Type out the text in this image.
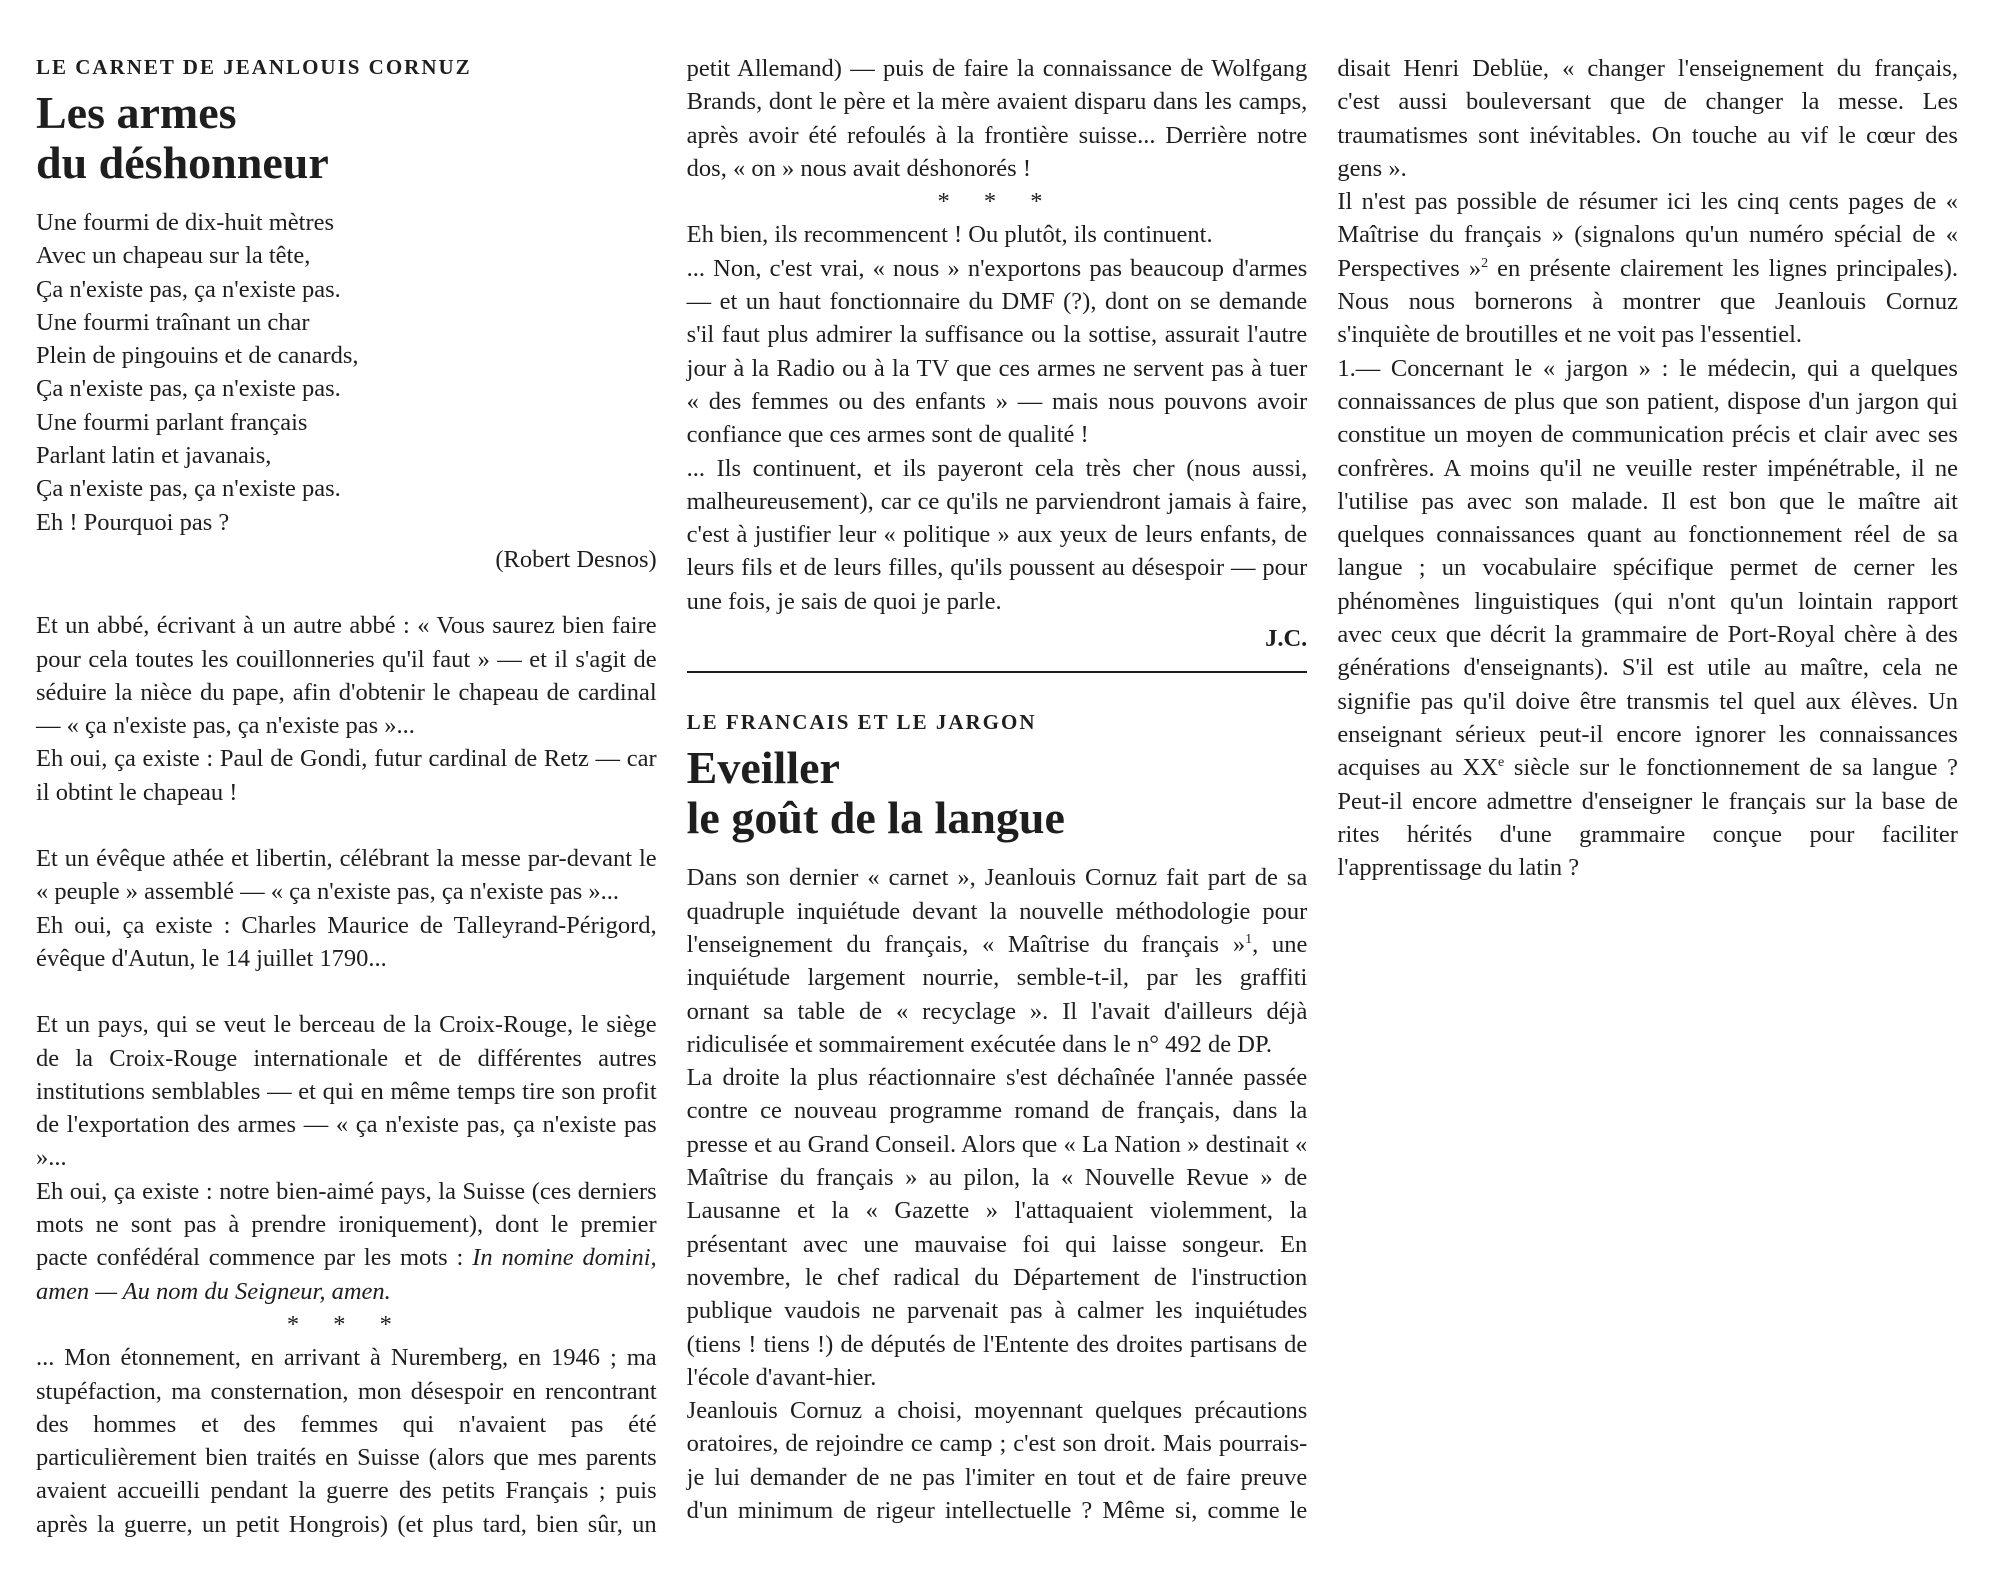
LE CARNET DE JEANLOUIS CORNUZ
Les armes
du déshonneur

Une fourmi de dix-huit mètres

Avec un chapeau sur la tête,

Ça n'existe pas, ça n'existe pas.

Une fourmi traînant un char

Plein de pingouins et de canards,

Ça n'existe pas, ça n'existe pas.

Une fourmi parlant français

Parlant latin et javanais,

Ça n'existe pas, ça n'existe pas.

Eh ! Pourquoi pas ?

(Robert Desnos)

Et un abbé, écrivant à un autre abbé : « Vous saurez bien faire pour cela toutes les couillonneries qu'il faut » — et il s'agit de séduire la nièce du pape, afin d'obtenir le chapeau de cardinal — « ça n'existe pas, ça n'existe pas »...

Eh oui, ça existe : Paul de Gondi, futur cardinal de Retz — car il obtint le chapeau !

Et un évêque athée et libertin, célébrant la messe par-devant le « peuple » assemblé — « ça n'existe pas, ça n'existe pas »...

Eh oui, ça existe : Charles Maurice de Talleyrand-Périgord, évêque d'Autun, le 14 juillet 1790...

Et un pays, qui se veut le berceau de la Croix-Rouge, le siège de la Croix-Rouge internationale et de différentes autres institutions semblables — et qui en même temps tire son profit de l'exportation des armes — « ça n'existe pas, ça n'existe pas »...

Eh oui, ça existe : notre bien-aimé pays, la Suisse (ces derniers mots ne sont pas à prendre ironiquement), dont le premier pacte confédéral commence par les mots : In nomine domini, amen — Au nom du Seigneur, amen.

* * *

... Mon étonnement, en arrivant à Nuremberg, en 1946 ; ma stupéfaction, ma consternation, mon désespoir en rencontrant des hommes et des femmes qui n'avaient pas été particulièrement bien traités en Suisse (alors que mes parents avaient accueilli pendant la guerre des petits Français ; puis après la guerre, un petit Hongrois) (et plus tard, bien sûr, un petit Allemand) — puis de faire la connaissance de Wolfgang Brands, dont le père et la mère avaient disparu dans les camps, après avoir été refoulés à la frontière suisse... Derrière notre dos, « on » nous avait déshonorés !

* * *

Eh bien, ils recommencent ! Ou plutôt, ils continuent.

... Non, c'est vrai, « nous » n'exportons pas beaucoup d'armes — et un haut fonctionnaire du DMF (?), dont on se demande s'il faut plus admirer la suffisance ou la sottise, assurait l'autre jour à la Radio ou à la TV que ces armes ne servent pas à tuer « des femmes ou des enfants » — mais nous pouvons avoir confiance que ces armes sont de qualité !

... Ils continuent, et ils payeront cela très cher (nous aussi, malheureusement), car ce qu'ils ne parviendront jamais à faire, c'est à justifier leur « politique » aux yeux de leurs enfants, de leurs fils et de leurs filles, qu'ils poussent au désespoir — pour une fois, je sais de quoi je parle.

J.C.

LE FRANCAIS ET LE JARGON
Eveiller
le goût de la langue

Dans son dernier « carnet », Jeanlouis Cornuz fait part de sa quadruple inquiétude devant la nouvelle méthodologie pour l'enseignement du français, « Maîtrise du français »$^1$, une inquiétude largement nourrie, semble-t-il, par les graffiti ornant sa table de « recyclage ». Il l'avait d'ailleurs déjà ridiculisée et sommairement exécutée dans le n° 492 de DP.

La droite la plus réactionnaire s'est déchaînée l'année passée contre ce nouveau programme romand de français, dans la presse et au Grand Conseil. Alors que « La Nation » destinait « Maîtrise du français » au pilon, la « Nouvelle Revue » de Lausanne et la « Gazette » l'attaquaient violemment, la présentant avec une mauvaise foi qui laisse songeur. En novembre, le chef radical du Département de l'instruction publique vaudois ne parvenait pas à calmer les inquiétudes (tiens ! tiens !) de députés de l'Entente des droites partisans de l'école d'avant-hier.

Jeanlouis Cornuz a choisi, moyennant quelques précautions oratoires, de rejoindre ce camp ; c'est son droit. Mais pourrais-je lui demander de ne pas l'imiter en tout et de faire preuve d'un minimum de rigeur intellectuelle ? Même si, comme le disait Henri Deblüe, « changer l'enseignement du français, c'est aussi bouleversant que de changer la messe. Les traumatismes sont inévitables. On touche au vif le cœur des gens ».

Il n'est pas possible de résumer ici les cinq cents pages de « Maîtrise du français » (signalons qu'un numéro spécial de « Perspectives »$^2$ en présente clairement les lignes principales). Nous nous bornerons à montrer que Jeanlouis Cornuz s'inquiète de broutilles et ne voit pas l'essentiel.

1.— Concernant le « jargon » : le médecin, qui a quelques connaissances de plus que son patient, dispose d'un jargon qui constitue un moyen de communication précis et clair avec ses confrères. A moins qu'il ne veuille rester impénétrable, il ne l'utilise pas avec son malade. Il est bon que le maître ait quelques connaissances quant au fonctionnement réel de sa langue ; un vocabulaire spécifique permet de cerner les phénomènes linguistiques (qui n'ont qu'un lointain rapport avec ceux que décrit la grammaire de Port-Royal chère à des générations d'enseignants). S'il est utile au maître, cela ne signifie pas qu'il doive être transmis tel quel aux élèves. Un enseignant sérieux peut-il encore ignorer les connaissances acquises au XXe siècle sur le fonctionnement de sa langue ? Peut-il encore admettre d'enseigner le français sur la base de rites hérités d'une grammaire conçue pour faciliter l'apprentissage du latin ?
